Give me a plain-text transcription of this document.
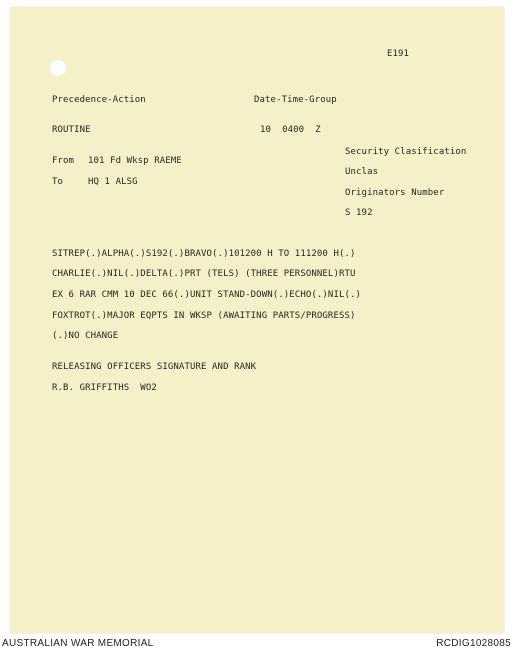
E191
Precedence-Action	Date-Time-Group
ROUTINE	10  0400  Z
Security Clasification
From 101 Fd Wksp RAEME
Unclas
To	HQ 1 ALSG
Originators Number
S 192
SITREP(.)ALPHA(.)S192(.)BRAVO(.)101200 H TO 111200 H(.)
CHARLIE(.)NIL(.)DELTA(.)PRT (TELS) (THREE PERSONNEL)RTU
EX 6 RAR CMM 10 DEC 66(.)UNIT STAND-DOWN(.)ECHO(.)NIL(.)
FOXTROT(.)MAJOR EQPTS IN WKSP (AWAITING PARTS/PROGRESS)
(.)NO CHANGE
RELEASING OFFICERS SIGNATURE AND RANK
R.B. GRIFFITHS  WO2
AUSTRALIAN WAR MEMORIAL	RCDIG1028085
